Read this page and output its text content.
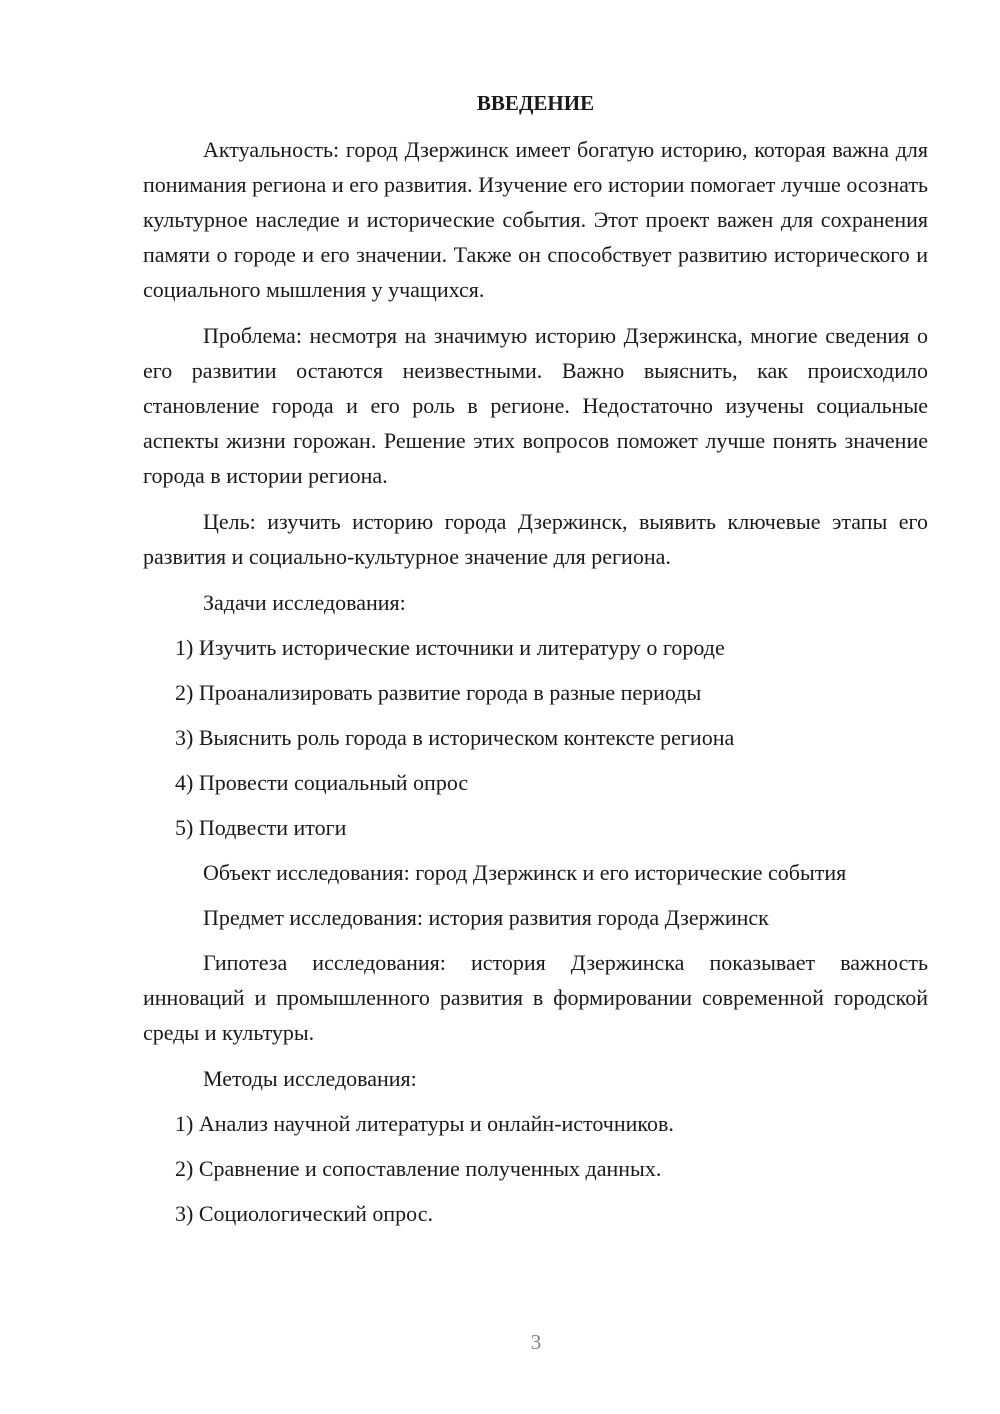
ВВЕДЕНИЕ

Актуальность: город Дзержинск имеет богатую историю, которая важна для понимания региона и его развития. Изучение его истории помогает лучше осознать культурное наследие и исторические события. Этот проект важен для сохранения памяти о городе и его значении. Также он способствует развитию исторического и социального мышления у учащихся.

Проблема: несмотря на значимую историю Дзержинска, многие сведения о его развитии остаются неизвестными. Важно выяснить, как происходило становление города и его роль в регионе. Недостаточно изучены социальные аспекты жизни горожан. Решение этих вопросов поможет лучше понять значение города в истории региона.

Цель: изучить историю города Дзержинск, выявить ключевые этапы его развития и социально-культурное значение для региона.

Задачи исследования:
1) Изучить исторические источники и литературу о городе
2) Проанализировать развитие города в разные периоды
3) Выяснить роль города в историческом контексте региона
4) Провести социальный опрос
5) Подвести итоги
Объект исследования: город Дзержинск и его исторические события
Предмет исследования: история развития города Дзержинск

Гипотеза исследования: история Дзержинска показывает важность инноваций и промышленного развития в формировании современной городской среды и культуры.

Методы исследования:
1) Анализ научной литературы и онлайн-источников.
2) Сравнение и сопоставление полученных данных.
3) Социологический опрос.
3
